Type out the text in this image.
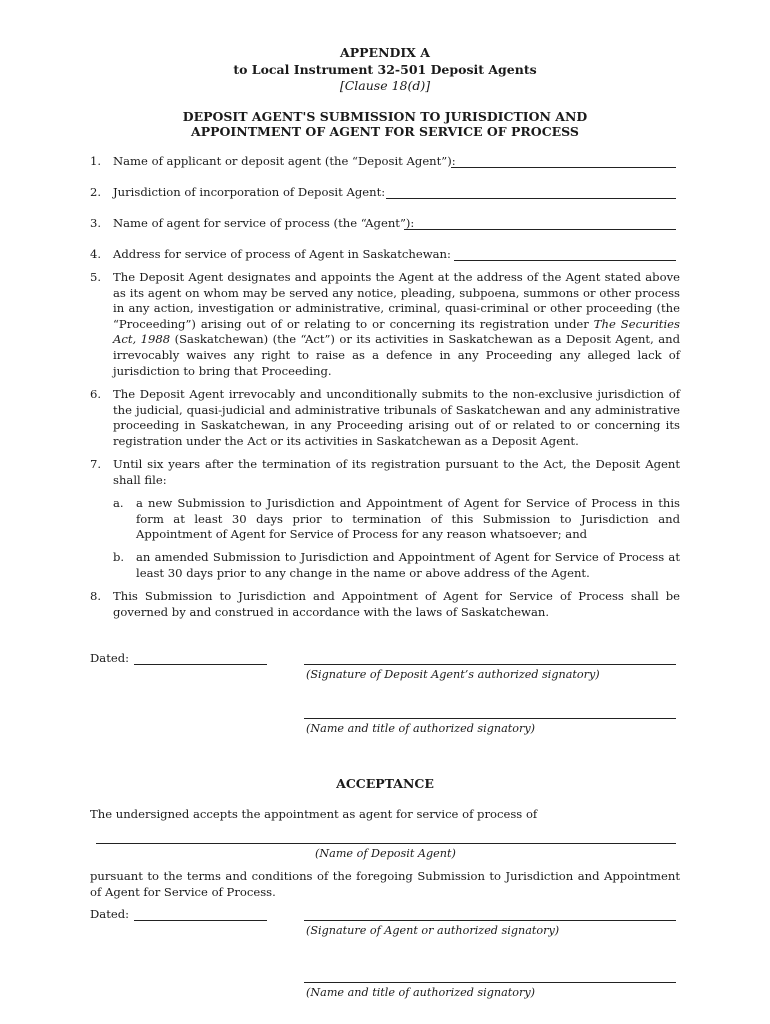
APPENDIX A
to Local Instrument 32-501 Deposit Agents
[Clause 18(d)]
DEPOSIT AGENT'S SUBMISSION TO JURISDICTION AND
APPOINTMENT OF AGENT FOR SERVICE OF PROCESS
1. Name of applicant or deposit agent (the “Deposit Agent”):
2. Jurisdiction of incorporation of Deposit Agent:
3. Name of agent for service of process (the “Agent”):
4. Address for service of process of Agent in Saskatchewan:
5. The Deposit Agent designates and appoints the Agent at the address of the Agent stated above as its agent on whom may be served any notice, pleading, subpoena, summons or other process in any action, investigation or administrative, criminal, quasi-criminal or other proceeding (the “Proceeding”) arising out of or relating to or concerning its registration under The Securities Act, 1988 (Saskatchewan) (the “Act”) or its activities in Saskatchewan as a Deposit Agent, and irrevocably waives any right to raise as a defence in any Proceeding any alleged lack of jurisdiction to bring that Proceeding.
6. The Deposit Agent irrevocably and unconditionally submits to the non-exclusive jurisdiction of the judicial, quasi-judicial and administrative tribunals of Saskatchewan and any administrative proceeding in Saskatchewan, in any Proceeding arising out of or related to or concerning its registration under the Act or its activities in Saskatchewan as a Deposit Agent.
7. Until six years after the termination of its registration pursuant to the Act, the Deposit Agent shall file:
a. a new Submission to Jurisdiction and Appointment of Agent for Service of Process in this form at least 30 days prior to termination of this Submission to Jurisdiction and Appointment of Agent for Service of Process for any reason whatsoever; and
b. an amended Submission to Jurisdiction and Appointment of Agent for Service of Process at least 30 days prior to any change in the name or above address of the Agent.
8. This Submission to Jurisdiction and Appointment of Agent for Service of Process shall be governed by and construed in accordance with the laws of Saskatchewan.
Dated:
(Signature of Deposit Agent’s authorized signatory)
(Name and title of authorized signatory)
ACCEPTANCE
The undersigned accepts the appointment as agent for service of process of
(Name of Deposit Agent)
pursuant to the terms and conditions of the foregoing Submission to Jurisdiction and Appointment of Agent for Service of Process.
Dated:
(Signature of Agent or authorized signatory)
(Name and title of authorized signatory)
